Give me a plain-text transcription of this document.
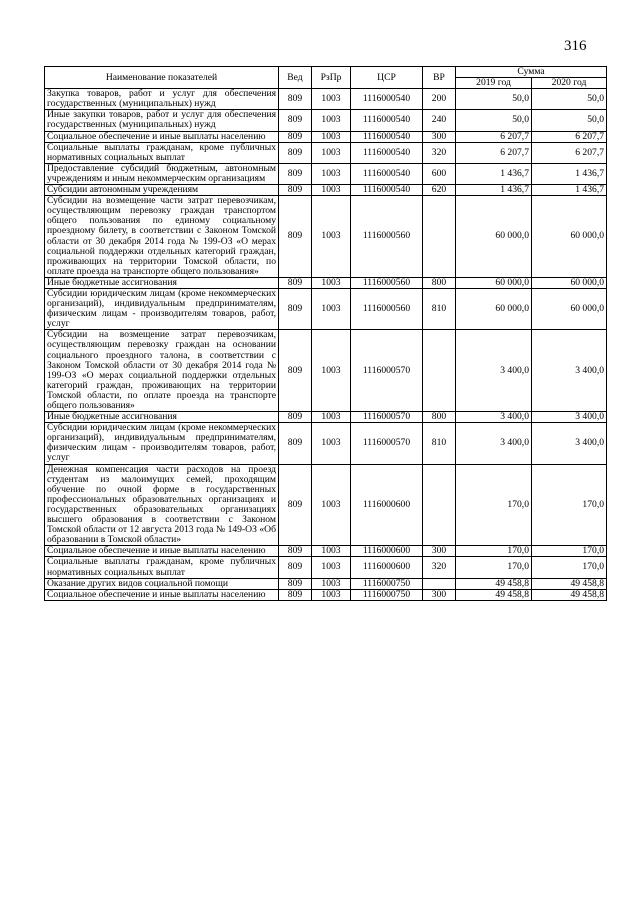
316
Наименование показателей	Вед	РзПр	ЦСР	ВР	Сумма	
					2019 год	2020 год
Закупка товаров, работ и услуг для обеспечения государственных (муниципальных) нужд	809	1003	1116000540	200	50,0	50,0
Иные закупки товаров, работ и услуг для обеспечения государственных (муниципальных) нужд	809	1003	1116000540	240	50,0	50,0
Социальное обеспечение и иные выплаты населению	809	1003	1116000540	300	6 207,7	6 207,7
Социальные выплаты гражданам, кроме публичных нормативных социальных выплат	809	1003	1116000540	320	6 207,7	6 207,7
Предоставление субсидий бюджетным, автономным учреждениям и иным некоммерческим организациям	809	1003	1116000540	600	1 436,7	1 436,7
Субсидии автономным учреждениям	809	1003	1116000540	620	1 436,7	1 436,7
Субсидии на возмещение части затрат перевозчикам, осуществляющим перевозку граждан транспортом общего пользования по единому социальному проездному билету, в соответствии с Законом Томской области от 30 декабря 2014 года № 199-ОЗ «О мерах социальной поддержки отдельных категорий граждан, проживающих на территории Томской области, по оплате проезда на транспорте общего пользования»	809	1003	1116000560		60 000,0	60 000,0
Иные бюджетные ассигнования	809	1003	1116000560	800	60 000,0	60 000,0
Субсидии юридическим лицам (кроме некоммерческих организаций), индивидуальным предпринимателям, физическим лицам - производителям товаров, работ, услуг	809	1003	1116000560	810	60 000,0	60 000,0
Субсидии на возмещение затрат перевозчикам, осуществляющим перевозку граждан на основании социального проездного талона, в соответствии с Законом Томской области от 30 декабря 2014 года № 199-ОЗ «О мерах социальной поддержки отдельных категорий граждан, проживающих на территории Томской области, по оплате проезда на транспорте общего пользования»	809	1003	1116000570		3 400,0	3 400,0
Иные бюджетные ассигнования	809	1003	1116000570	800	3 400,0	3 400,0
Субсидии юридическим лицам (кроме некоммерческих организаций), индивидуальным предпринимателям, физическим лицам - производителям товаров, работ, услуг	809	1003	1116000570	810	3 400,0	3 400,0
Денежная компенсация части расходов на проезд студентам из малоимущих семей, проходящим обучение по очной форме в государственных профессиональных образовательных организациях и государственных образовательных организациях высшего образования в соответствии с Законом Томской области от 12 августа 2013 года № 149-ОЗ «Об образовании в Томской области»	809	1003	1116000600		170,0	170,0
Социальное обеспечение и иные выплаты населению	809	1003	1116000600	300	170,0	170,0
Социальные выплаты гражданам, кроме публичных нормативных социальных выплат	809	1003	1116000600	320	170,0	170,0
Оказание других видов социальной помощи	809	1003	1116000750		49 458,8	49 458,8
Социальное обеспечение и иные выплаты населению	809	1003	1116000750	300	49 458,8	49 458,8
